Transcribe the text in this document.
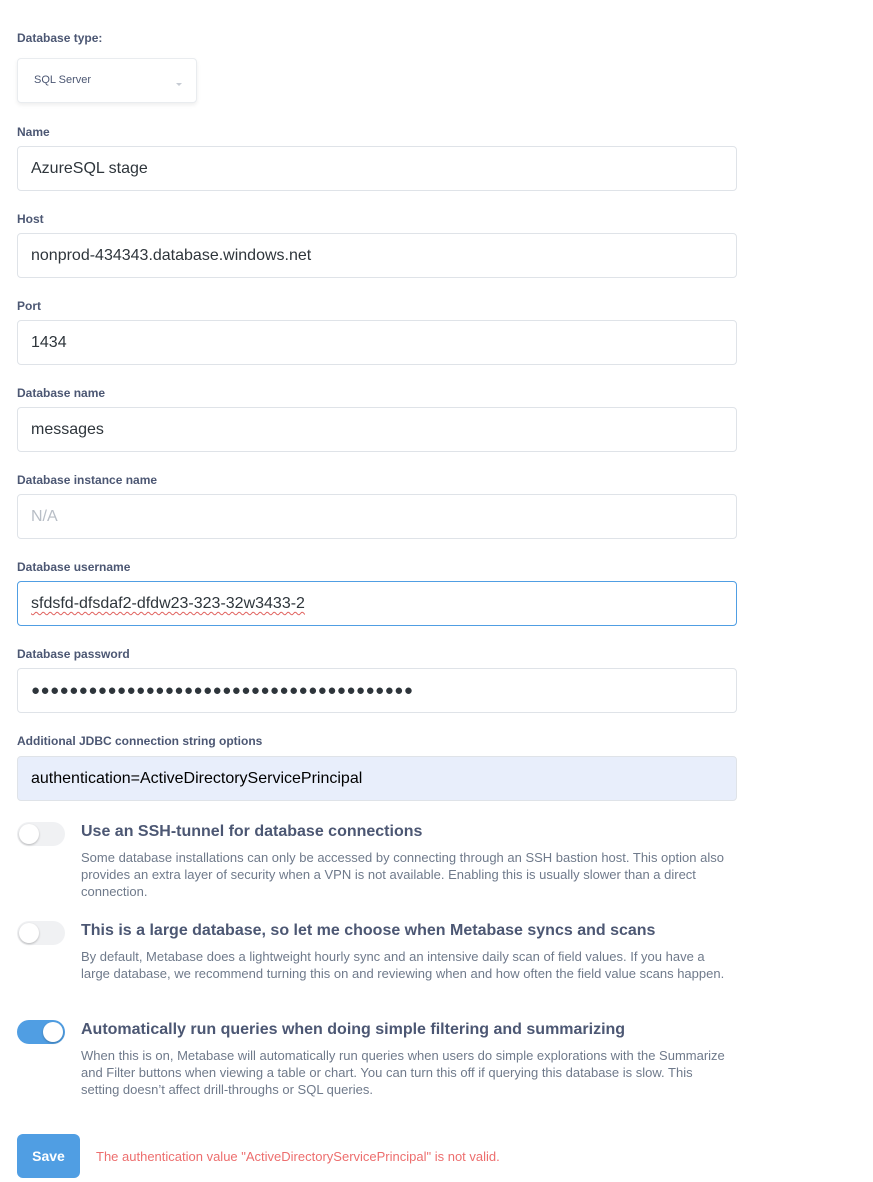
Database type:
SQL Server
Name
AzureSQL stage
Host
nonprod-434343.database.windows.net
Port
1434
Database name
messages
Database instance name
N/A
Database username
sfdsfd-dfsdaf2-dfdw23-323-32w3433-2
Database password
●●●●●●●●●●●●●●●●●●●●●●●●●●●●●●●●●●●●●●●●
Additional JDBC connection string options
authentication=ActiveDirectoryServicePrincipal
Use an SSH-tunnel for database connections
Some database installations can only be accessed by connecting through an SSH bastion host. This option also provides an extra layer of security when a VPN is not available. Enabling this is usually slower than a direct connection.
This is a large database, so let me choose when Metabase syncs and scans
By default, Metabase does a lightweight hourly sync and an intensive daily scan of field values. If you have a large database, we recommend turning this on and reviewing when and how often the field value scans happen.
Automatically run queries when doing simple filtering and summarizing
When this is on, Metabase will automatically run queries when users do simple explorations with the Summarize and Filter buttons when viewing a table or chart. You can turn this off if querying this database is slow. This setting doesn’t affect drill-throughs or SQL queries.
Save	The authentication value "ActiveDirectoryServicePrincipal" is not valid.
